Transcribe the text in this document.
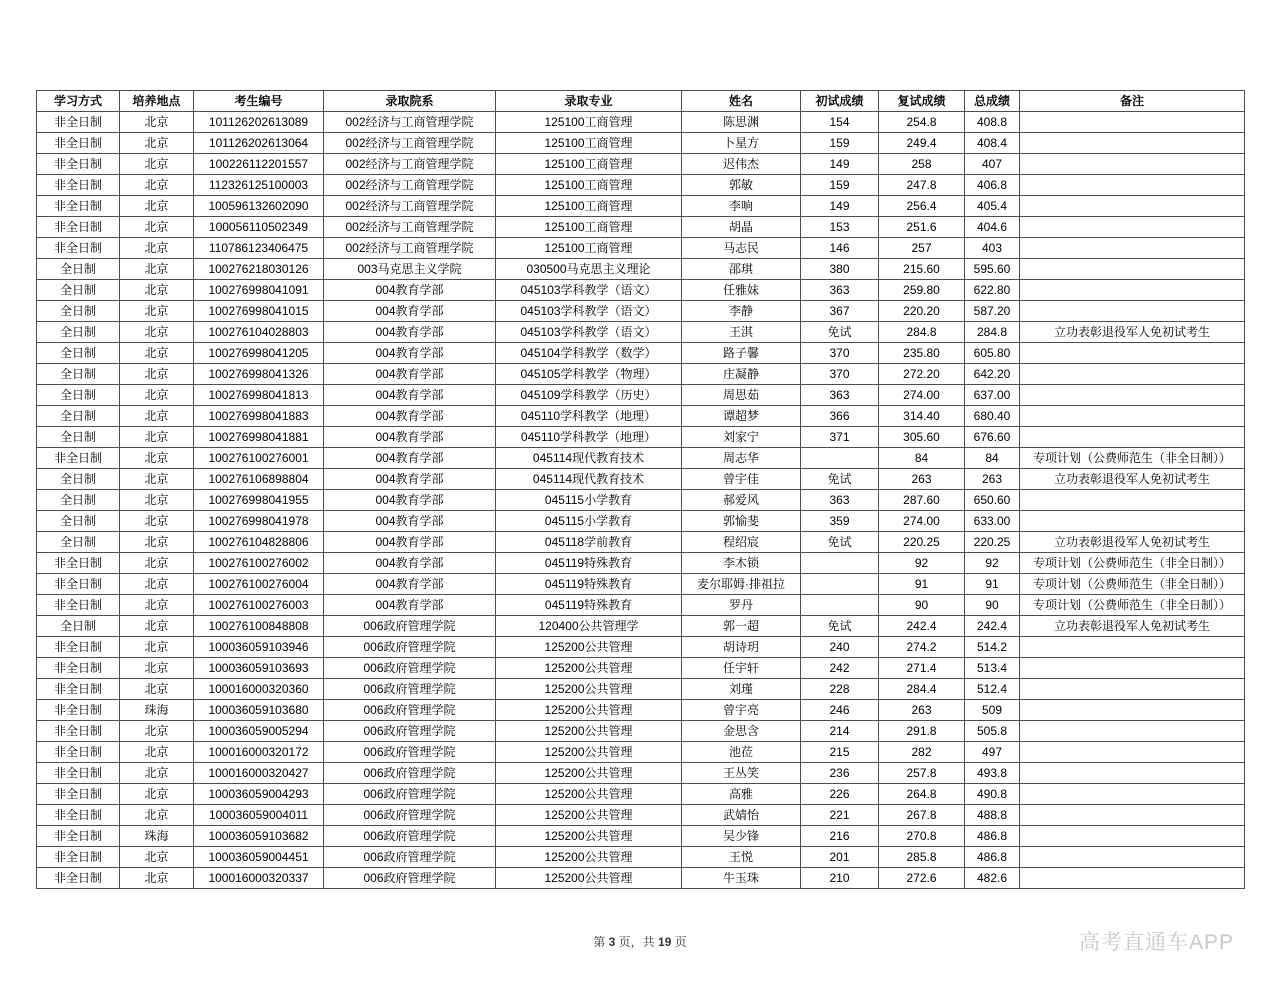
学习方式	培养地点	考生编号	录取院系	录取专业	姓名	初试成绩	复试成绩	总成绩	备注
非全日制	北京	101126202613089	002经济与工商管理学院	125100工商管理	陈思渊	154	254.8	408.8	
非全日制	北京	101126202613064	002经济与工商管理学院	125100工商管理	卜星方	159	249.4	408.4	
非全日制	北京	100226112201557	002经济与工商管理学院	125100工商管理	迟伟杰	149	258	407	
非全日制	北京	112326125100003	002经济与工商管理学院	125100工商管理	郭敏	159	247.8	406.8	
非全日制	北京	100596132602090	002经济与工商管理学院	125100工商管理	李响	149	256.4	405.4	
非全日制	北京	100056110502349	002经济与工商管理学院	125100工商管理	胡晶	153	251.6	404.6	
非全日制	北京	110786123406475	002经济与工商管理学院	125100工商管理	马志民	146	257	403	
全日制	北京	100276218030126	003马克思主义学院	030500马克思主义理论	邵琪	380	215.60	595.60	
全日制	北京	100276998041091	004教育学部	045103学科教学（语文）	任雅妹	363	259.80	622.80	
全日制	北京	100276998041015	004教育学部	045103学科教学（语文）	李静	367	220.20	587.20	
全日制	北京	100276104028803	004教育学部	045103学科教学（语文）	王淇	免试	284.8	284.8	立功表彰退役军人免初试考生
全日制	北京	100276998041205	004教育学部	045104学科教学（数学）	路子馨	370	235.80	605.80	
全日制	北京	100276998041326	004教育学部	045105学科教学（物理）	庄凝静	370	272.20	642.20	
全日制	北京	100276998041813	004教育学部	045109学科教学（历史）	周思茹	363	274.00	637.00	
全日制	北京	100276998041883	004教育学部	045110学科教学（地理）	谭超梦	366	314.40	680.40	
全日制	北京	100276998041881	004教育学部	045110学科教学（地理）	刘家宁	371	305.60	676.60	
非全日制	北京	100276100276001	004教育学部	045114现代教育技术	周志华		84	84	专项计划（公费师范生（非全日制））
全日制	北京	100276106898804	004教育学部	045114现代教育技术	曾宇佳	免试	263	263	立功表彰退役军人免初试考生
全日制	北京	100276998041955	004教育学部	045115小学教育	郝爱风	363	287.60	650.60	
全日制	北京	100276998041978	004教育学部	045115小学教育	郭愉斐	359	274.00	633.00	
全日制	北京	100276104828806	004教育学部	045118学前教育	程绍宸	免试	220.25	220.25	立功表彰退役军人免初试考生
非全日制	北京	100276100276002	004教育学部	045119特殊教育	李木锁		92	92	专项计划（公费师范生（非全日制））
非全日制	北京	100276100276004	004教育学部	045119特殊教育	麦尔耶姆·排祖拉		91	91	专项计划（公费师范生（非全日制））
非全日制	北京	100276100276003	004教育学部	045119特殊教育	罗丹		90	90	专项计划（公费师范生（非全日制））
全日制	北京	100276100848808	006政府管理学院	120400公共管理学	郭一超	免试	242.4	242.4	立功表彰退役军人免初试考生
非全日制	北京	100036059103946	006政府管理学院	125200公共管理	胡诗玥	240	274.2	514.2	
非全日制	北京	100036059103693	006政府管理学院	125200公共管理	任宇轩	242	271.4	513.4	
非全日制	北京	100016000320360	006政府管理学院	125200公共管理	刘瑾	228	284.4	512.4	
非全日制	珠海	100036059103680	006政府管理学院	125200公共管理	曾宇亮	246	263	509	
非全日制	北京	100036059005294	006政府管理学院	125200公共管理	金思含	214	291.8	505.8	
非全日制	北京	100016000320172	006政府管理学院	125200公共管理	池莅	215	282	497	
非全日制	北京	100016000320427	006政府管理学院	125200公共管理	王丛笑	236	257.8	493.8	
非全日制	北京	100036059004293	006政府管理学院	125200公共管理	高雅	226	264.8	490.8	
非全日制	北京	100036059004011	006政府管理学院	125200公共管理	武婧怡	221	267.8	488.8	
非全日制	珠海	100036059103682	006政府管理学院	125200公共管理	吴少锋	216	270.8	486.8	
非全日制	北京	100036059004451	006政府管理学院	125200公共管理	王悦	201	285.8	486.8	
非全日制	北京	100016000320337	006政府管理学院	125200公共管理	牛玉珠	210	272.6	482.6	
第 3 页，共 19 页	高考直通车APP
